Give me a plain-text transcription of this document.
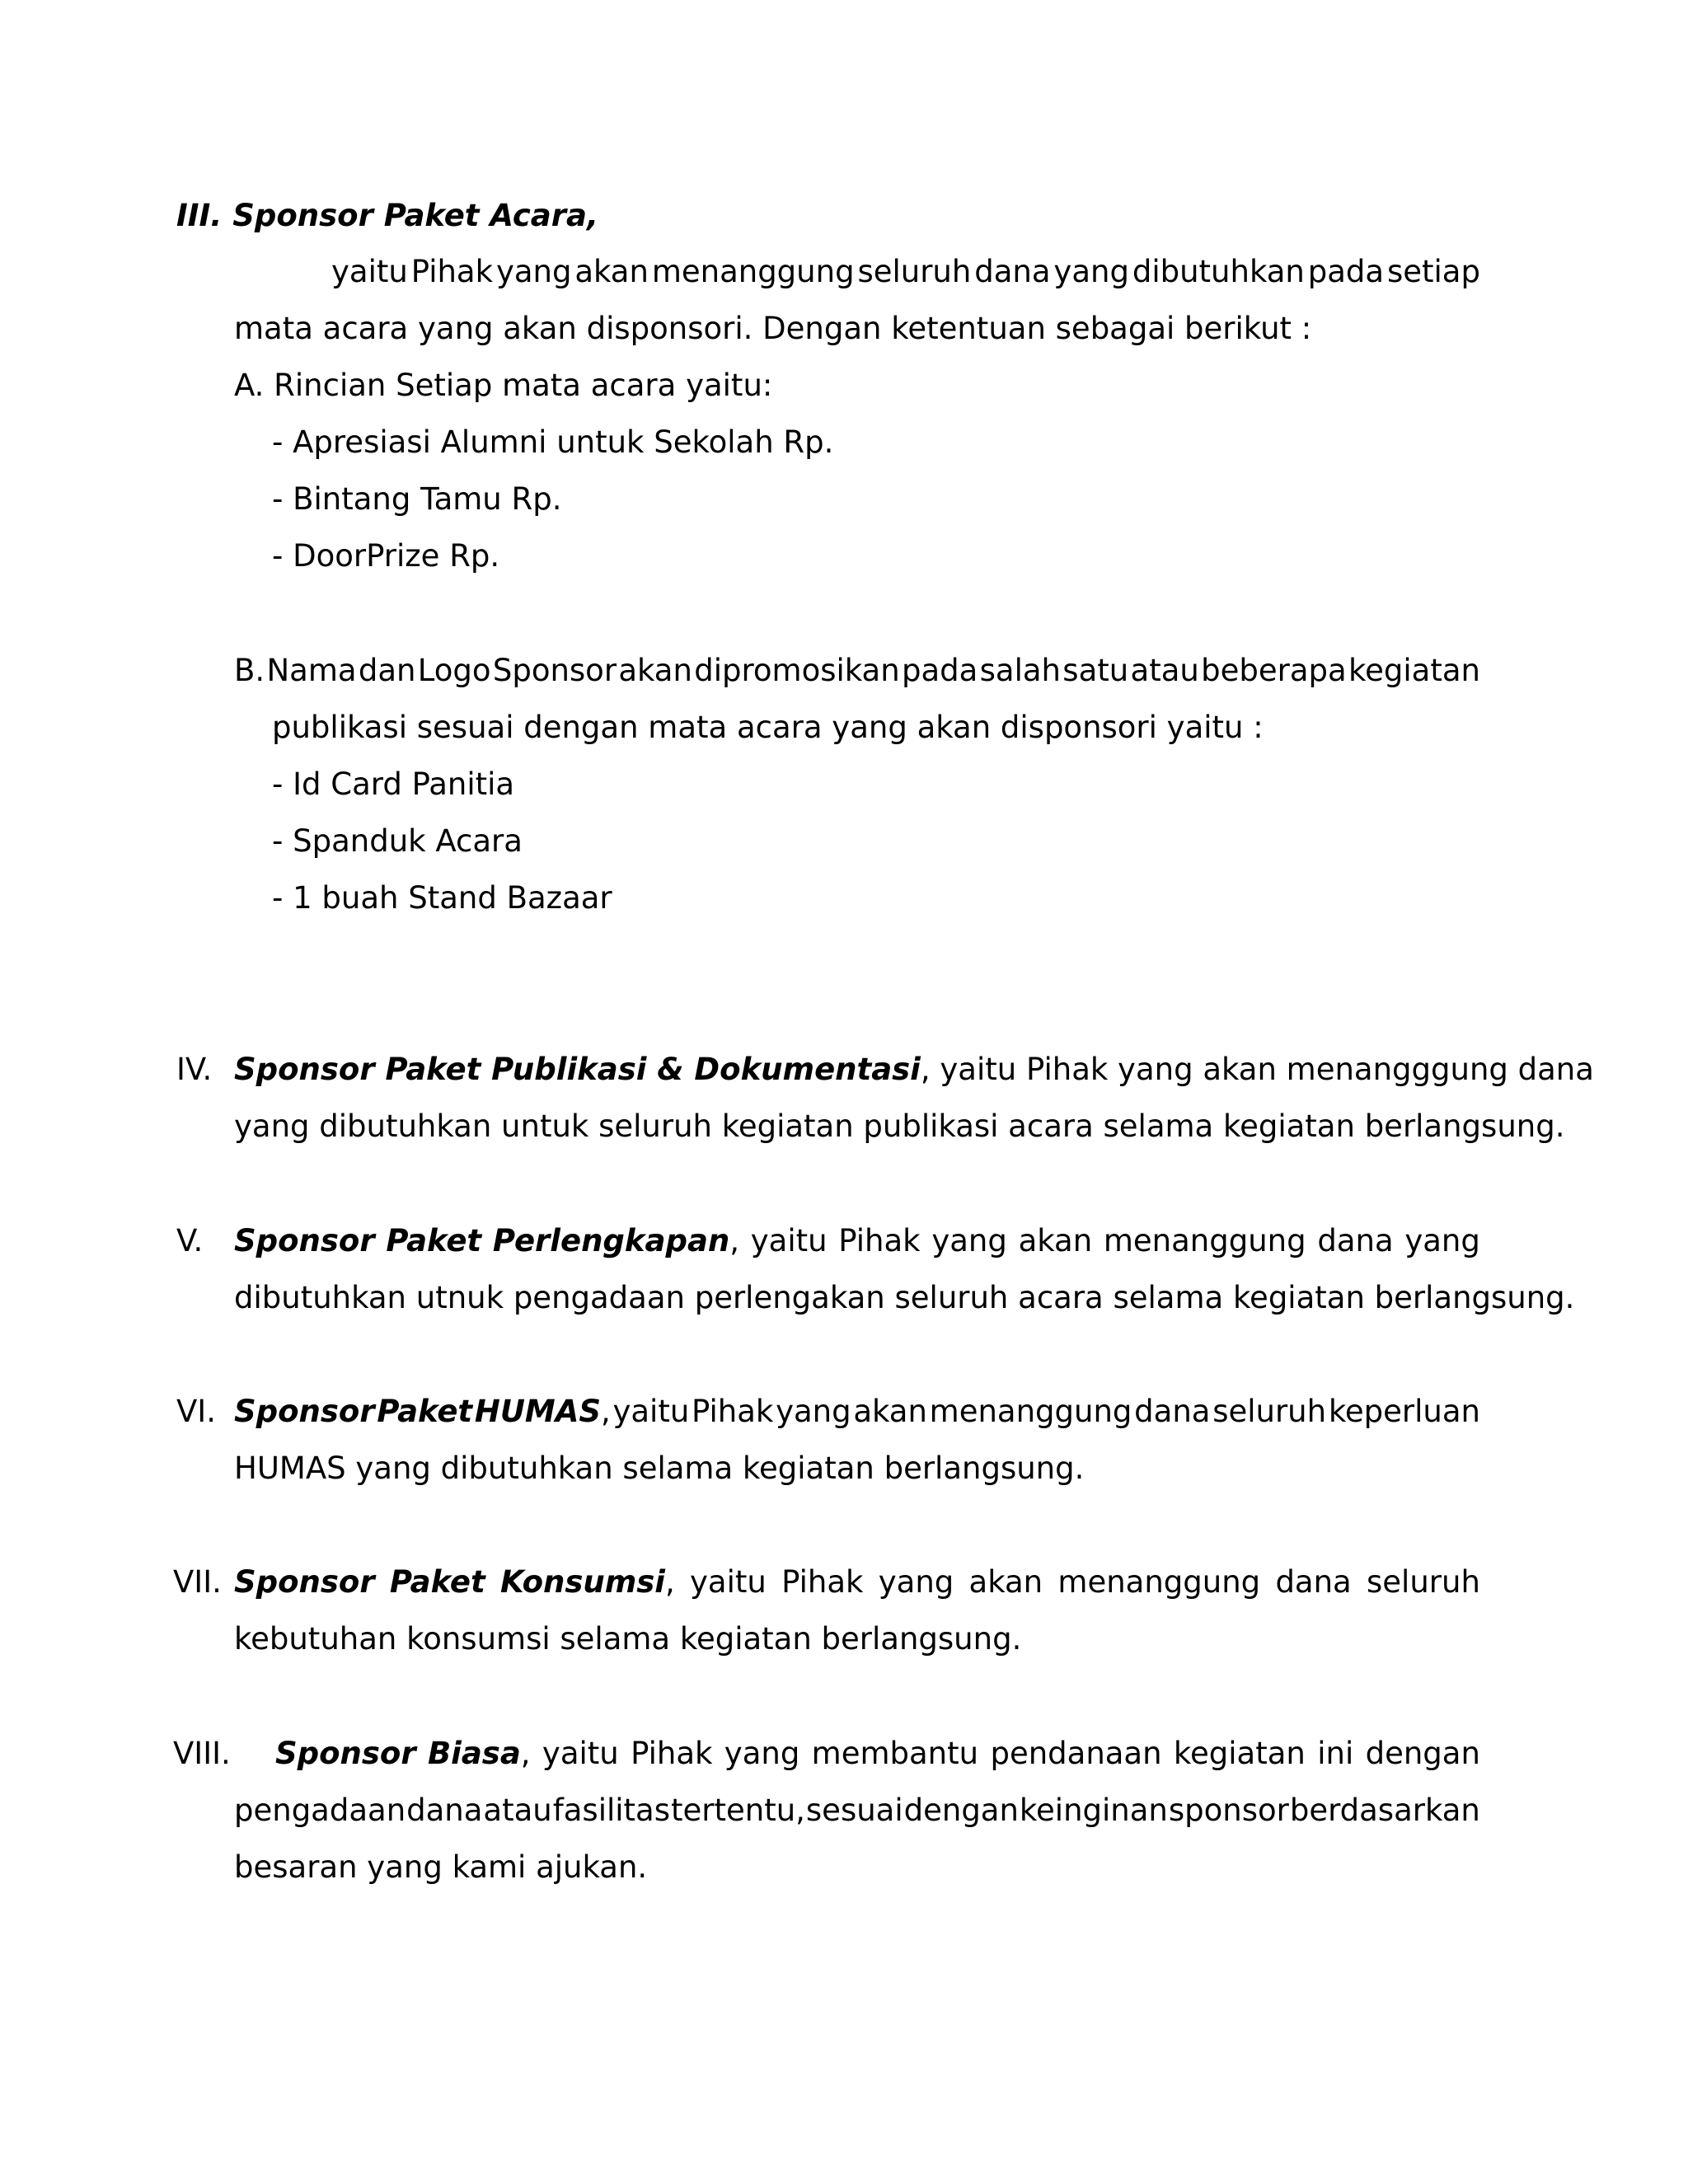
III. Sponsor Paket Acara,
yaitu Pihak yang akan menanggung seluruh dana yang dibutuhkan pada setiap
mata acara yang akan disponsori. Dengan ketentuan sebagai berikut :
A. Rincian Setiap mata acara yaitu:
- Apresiasi Alumni untuk Sekolah Rp.
- Bintang Tamu Rp.
- DoorPrize Rp.
B. Nama dan Logo Sponsor akan dipromosikan pada salah satu atau beberapa kegiatan
publikasi sesuai dengan mata acara yang akan disponsori yaitu :
- Id Card Panitia
- Spanduk Acara
- 1 buah Stand Bazaar
IV. Sponsor Paket Publikasi & Dokumentasi, yaitu Pihak yang akan menangggung dana
yang dibutuhkan untuk seluruh kegiatan publikasi acara selama kegiatan berlangsung.
V. Sponsor Paket Perlengkapan, yaitu Pihak yang akan menanggung dana yang
dibutuhkan utnuk pengadaan perlengakan seluruh acara selama kegiatan berlangsung.
VI. Sponsor Paket HUMAS, yaitu Pihak yang akan menanggung dana seluruh keperluan
HUMAS yang dibutuhkan selama kegiatan berlangsung.
VII. Sponsor Paket Konsumsi, yaitu Pihak yang akan menanggung dana seluruh
kebutuhan konsumsi selama kegiatan berlangsung.
VIII. Sponsor Biasa, yaitu Pihak yang membantu pendanaan kegiatan ini dengan
pengadaan dana atau fasilitas tertentu, sesuai dengan keinginan sponsor berdasarkan
besaran yang kami ajukan.
